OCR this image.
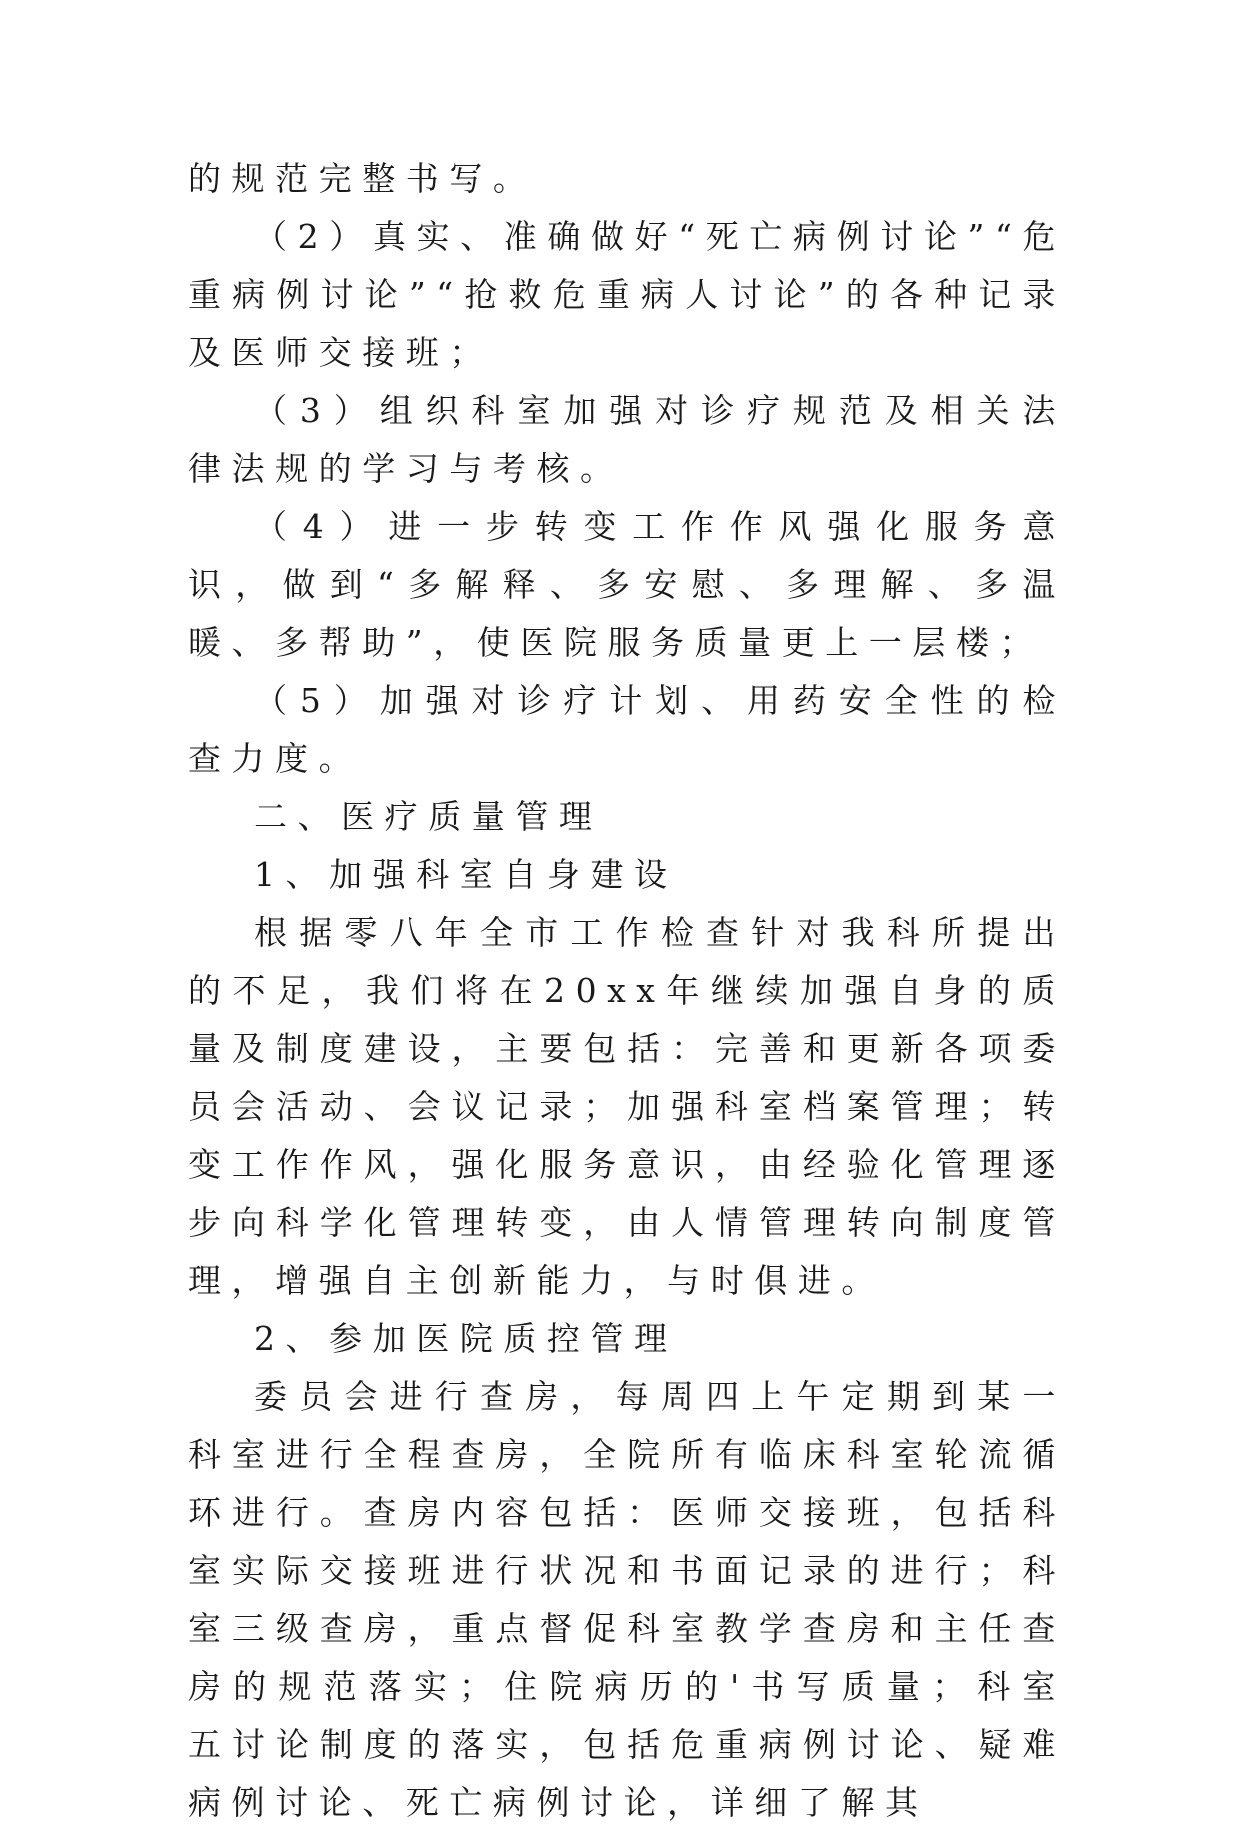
的规范完整书写。

（2）真实、准确做好“死亡病例讨论”“危重病例讨论”“抢救危重病人讨论”的各种记录及医师交接班；

（3）组织科室加强对诊疗规范及相关法律法规的学习与考核。

（4）进一步转变工作作风强化服务意识，做到“多解释、多安慰、多理解、多温暖、多帮助”，使医院服务质量更上一层楼；

（5）加强对诊疗计划、用药安全性的检查力度。

二、医疗质量管理

1、加强科室自身建设

根据零八年全市工作检查针对我科所提出的不足，我们将在20xx年继续加强自身的质量及制度建设，主要包括：完善和更新各项委员会活动、会议记录；加强科室档案管理；转变工作作风，强化服务意识，由经验化管理逐步向科学化管理转变，由人情管理转向制度管理，增强自主创新能力，与时俱进。

2、参加医院质控管理

委员会进行查房，每周四上午定期到某一科室进行全程查房，全院所有临床科室轮流循环进行。查房内容包括：医师交接班，包括科室实际交接班进行状况和书面记录的进行；科室三级查房，重点督促科室教学查房和主任查房的规范落实；住院病历的'书写质量；科室五讨论制度的落实，包括危重病例讨论、疑难病例讨论、死亡病例讨论，详细了解其
